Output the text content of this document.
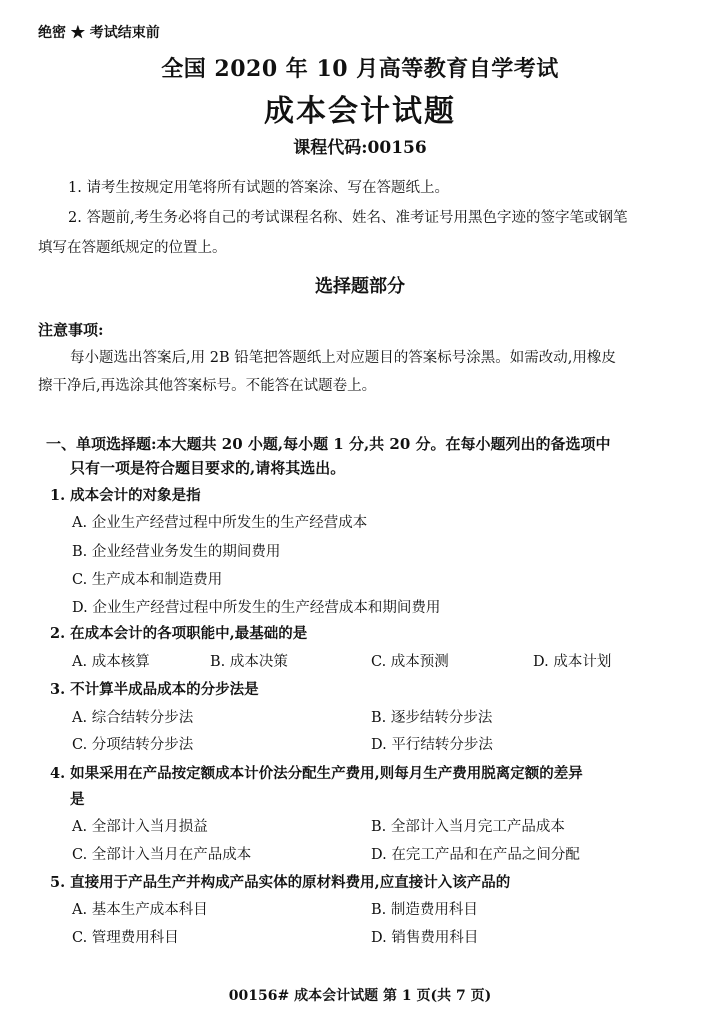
绝密 ★ 考试结束前
全国 2020 年 10 月高等教育自学考试
成本会计试题
课程代码:00156
1. 请考生按规定用笔将所有试题的答案涂、写在答题纸上。
2. 答题前,考生务必将自己的考试课程名称、姓名、准考证号用黑色字迹的签字笔或钢笔
填写在答题纸规定的位置上。
选择题部分
注意事项:
每小题选出答案后,用 2B 铅笔把答题纸上对应题目的答案标号涂黑。如需改动,用橡皮
擦干净后,再选涂其他答案标号。不能答在试题卷上。
一、单项选择题:本大题共 20 小题,每小题 1 分,共 20 分。在每小题列出的备选项中
只有一项是符合题目要求的,请将其选出。
1. 成本会计的对象是指
A. 企业生产经营过程中所发生的生产经营成本
B. 企业经营业务发生的期间费用
C. 生产成本和制造费用
D. 企业生产经营过程中所发生的生产经营成本和期间费用
2. 在成本会计的各项职能中,最基础的是
A. 成本核算	B. 成本决策	C. 成本预测	D. 成本计划
3. 不计算半成品成本的分步法是
A. 综合结转分步法	B. 逐步结转分步法
C. 分项结转分步法	D. 平行结转分步法
4. 如果采用在产品按定额成本计价法分配生产费用,则每月生产费用脱离定额的差异
是
A. 全部计入当月损益	B. 全部计入当月完工产品成本
C. 全部计入当月在产品成本	D. 在完工产品和在产品之间分配
5. 直接用于产品生产并构成产品实体的原材料费用,应直接计入该产品的
A. 基本生产成本科目	B. 制造费用科目
C. 管理费用科目	D. 销售费用科目
00156# 成本会计试题 第 1 页(共 7 页)
